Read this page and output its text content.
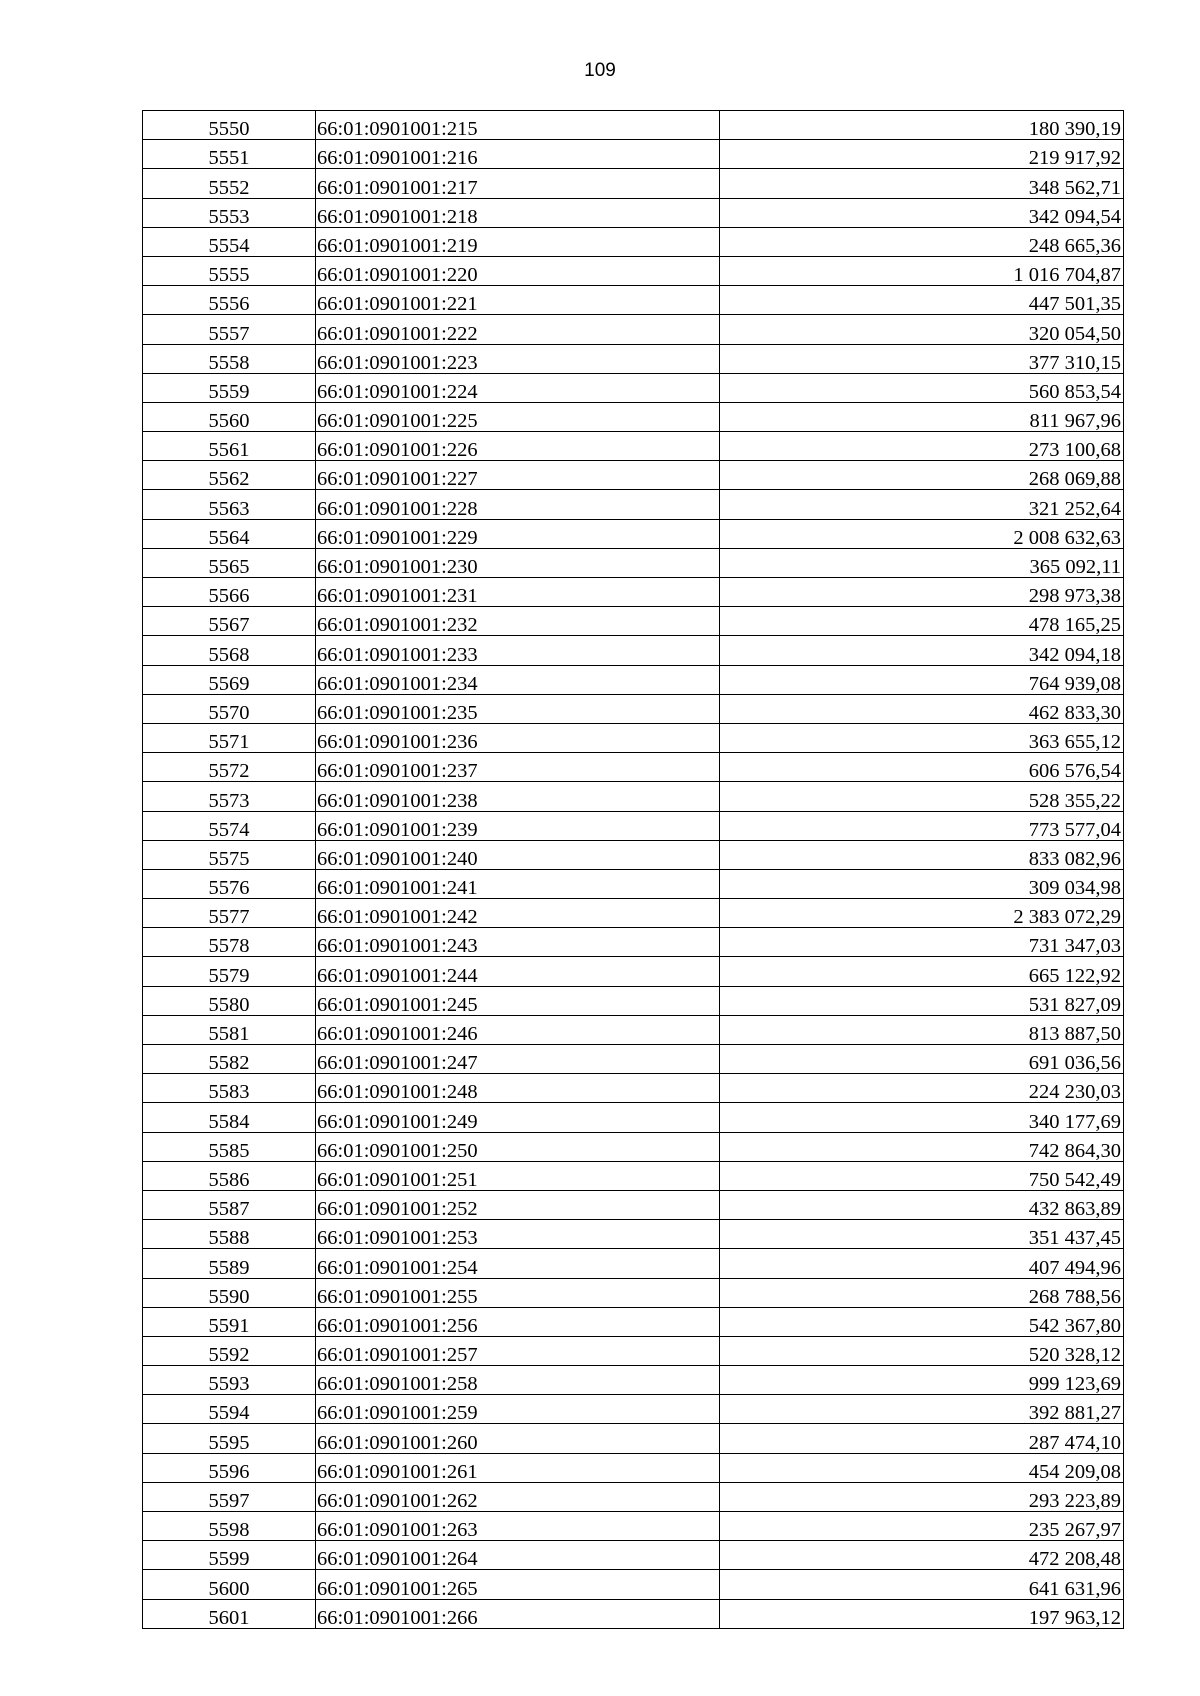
109
5550	66:01:0901001:215	180 390,19
5551	66:01:0901001:216	219 917,92
5552	66:01:0901001:217	348 562,71
5553	66:01:0901001:218	342 094,54
5554	66:01:0901001:219	248 665,36
5555	66:01:0901001:220	1 016 704,87
5556	66:01:0901001:221	447 501,35
5557	66:01:0901001:222	320 054,50
5558	66:01:0901001:223	377 310,15
5559	66:01:0901001:224	560 853,54
5560	66:01:0901001:225	811 967,96
5561	66:01:0901001:226	273 100,68
5562	66:01:0901001:227	268 069,88
5563	66:01:0901001:228	321 252,64
5564	66:01:0901001:229	2 008 632,63
5565	66:01:0901001:230	365 092,11
5566	66:01:0901001:231	298 973,38
5567	66:01:0901001:232	478 165,25
5568	66:01:0901001:233	342 094,18
5569	66:01:0901001:234	764 939,08
5570	66:01:0901001:235	462 833,30
5571	66:01:0901001:236	363 655,12
5572	66:01:0901001:237	606 576,54
5573	66:01:0901001:238	528 355,22
5574	66:01:0901001:239	773 577,04
5575	66:01:0901001:240	833 082,96
5576	66:01:0901001:241	309 034,98
5577	66:01:0901001:242	2 383 072,29
5578	66:01:0901001:243	731 347,03
5579	66:01:0901001:244	665 122,92
5580	66:01:0901001:245	531 827,09
5581	66:01:0901001:246	813 887,50
5582	66:01:0901001:247	691 036,56
5583	66:01:0901001:248	224 230,03
5584	66:01:0901001:249	340 177,69
5585	66:01:0901001:250	742 864,30
5586	66:01:0901001:251	750 542,49
5587	66:01:0901001:252	432 863,89
5588	66:01:0901001:253	351 437,45
5589	66:01:0901001:254	407 494,96
5590	66:01:0901001:255	268 788,56
5591	66:01:0901001:256	542 367,80
5592	66:01:0901001:257	520 328,12
5593	66:01:0901001:258	999 123,69
5594	66:01:0901001:259	392 881,27
5595	66:01:0901001:260	287 474,10
5596	66:01:0901001:261	454 209,08
5597	66:01:0901001:262	293 223,89
5598	66:01:0901001:263	235 267,97
5599	66:01:0901001:264	472 208,48
5600	66:01:0901001:265	641 631,96
5601	66:01:0901001:266	197 963,12
